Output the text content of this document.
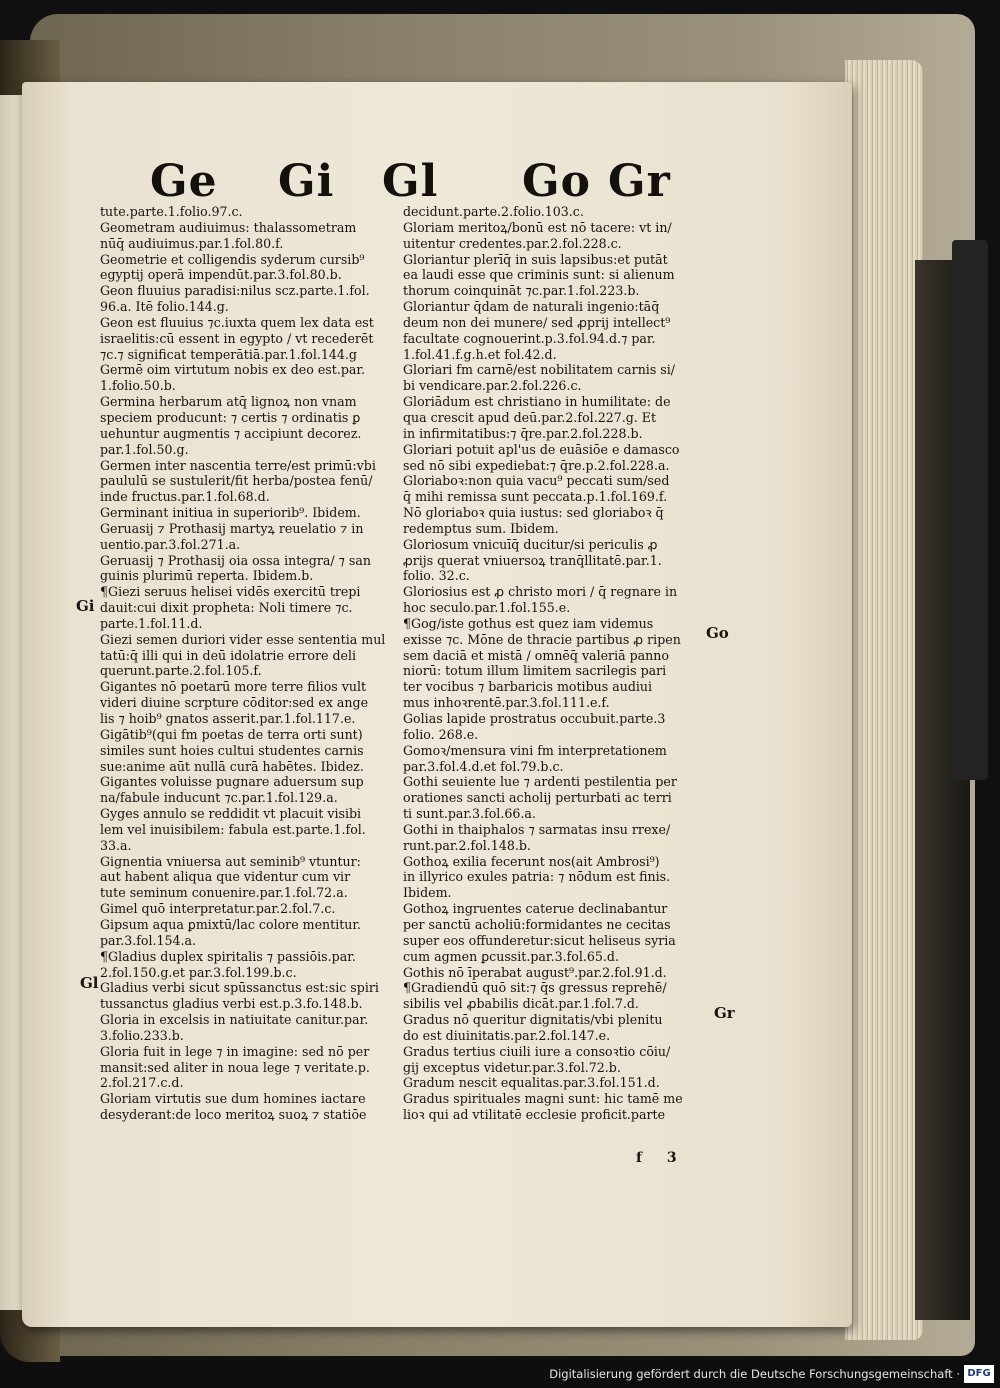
Ge Gi Gl Go Gr
tute.parte.1.folio.97.c.
Geometram audiuimus: thalassometram
nūq̄ audiuimus.par.1.fol.80.f.
Geometrie et colligendis syderum cursib⁹
egyptij operā impendūt.par.3.fol.80.b.
Geon fluuius paradisi:nilus scz.parte.1.fol.
96.a. Itē folio.144.g.
Geon est fluuius ⁊c.iuxta quem lex data est
israelitis:cū essent in egypto / vt recederēt
⁊c.⁊ significat temperātiā.par.1.fol.144.g
Germē oim virtutum nobis ex deo est.par.
1.folio.50.b.
Germina herbarum atq̄ lignoꝝ non vnam
speciem producunt: ⁊ certis ⁊ ordinatis ꝑ
uehuntur augmentis ⁊ accipiunt decorez.
par.1.fol.50.g.
Germen inter nascentia terre/est primū:vbi
paululū se sustulerit/fit herba/postea fenū/
inde fructus.par.1.fol.68.d.
Germinant initiua in superiorib⁹. Ibidem.
Geruasij ⁊ Prothasij martyꝝ reuelatio ⁊ in
uentio.par.3.fol.271.a.
Geruasij ⁊ Prothasij oia ossa integra/ ⁊ san
guinis plurimū reperta. Ibidem.b.
¶Giezi seruus helisei vidēs exercitū trepi
dauit:cui dixit propheta: Noli timere ⁊c.
parte.1.fol.11.d.
Giezi semen duriori vider esse sententia mul
tatū:q̄ illi qui in deū idolatrie errore deli
querunt.parte.2.fol.105.f.
Gigantes nō poetarū more terre filios vult
videri diuine scrpture cōditor:sed ex ange
lis ⁊ hoib⁹ gnatos asserit.par.1.fol.117.e.
Gigātib⁹(qui fm poetas de terra orti sunt)
similes sunt hoies cultui studentes carnis
sue:anime aūt nullā curā habētes. Ibidez.
Gigantes voluisse pugnare aduersum sup
na/fabule inducunt ⁊c.par.1.fol.129.a.
Gyges annulo se reddidit vt placuit visibi
lem vel inuisibilem: fabula est.parte.1.fol.
33.a.
Gignentia vniuersa aut seminib⁹ vtuntur:
aut habent aliqua que videntur cum vir
tute seminum conuenire.par.1.fol.72.a.
Gimel quō interpretatur.par.2.fol.7.c.
Gipsum aqua ꝑmixtū/lac colore mentitur.
par.3.fol.154.a.
¶Gladius duplex spiritalis ⁊ passiōis.par.
2.fol.150.g.et par.3.fol.199.b.c.
Gladius verbi sicut spūssanctus est:sic spiri
tussanctus gladius verbi est.p.3.fo.148.b.
Gloria in excelsis in natiuitate canitur.par.
3.folio.233.b.
Gloria fuit in lege ⁊ in imagine: sed nō per
mansit:sed aliter in noua lege ⁊ veritate.p.
2.fol.217.c.d.
Gloriam virtutis sue dum homines iactare
desyderant:de loco meritoꝝ suoꝝ ⁊ statiōe
decidunt.parte.2.folio.103.c.
Gloriam meritoꝝ/bonū est nō tacere: vt in/
uitentur credentes.par.2.fol.228.c.
Gloriantur plerīq̄ in suis lapsibus:et putāt
ea laudi esse que criminis sunt: si alienum
thorum coinquināt ⁊c.par.1.fol.223.b.
Gloriantur q̄dam de naturali ingenio:tāq̄
deum non dei munere/ sed ꝓprij intellect⁹
facultate cognouerint.p.3.fol.94.d.⁊ par.
1.fol.41.f.g.h.et fol.42.d.
Gloriari fm carnē/est nobilitatem carnis si/
bi vendicare.par.2.fol.226.c.
Gloriādum est christiano in humilitate: de
qua crescit apud deū.par.2.fol.227.g. Et
in infirmitatibus:⁊ q̄re.par.2.fol.228.b.
Gloriari potuit apl'us de euāsiōe e damasco
sed nō sibi expediebat:⁊ q̄re.p.2.fol.228.a.
Gloriaboꝛ:non quia vacu⁹ peccati sum/sed
q̄ mihi remissa sunt peccata.p.1.fol.169.f.
Nō gloriaboꝛ quia iustus: sed gloriaboꝛ q̄
redemptus sum. Ibidem.
Gloriosum vnicuīq̄ ducitur/si periculis ꝓ
ꝓrijs querat vniuersoꝝ tranq̄llitatē.par.1.
folio. 32.c.
Gloriosius est ꝓ christo mori / q̄ regnare in
hoc seculo.par.1.fol.155.e.
¶Gog/iste gothus est quez iam videmus
exisse ⁊c. Mōne de thracie partibus ꝓ ripen
sem daciā et mistā / omnēq̄ valeriā panno
niorū: totum illum limitem sacrilegis pari
ter vocibus ⁊ barbaricis motibus audiui
mus inhoꝛrentē.par.3.fol.111.e.f.
Golias lapide prostratus occubuit.parte.3
folio. 268.e.
Gomoꝛ/mensura vini fm interpretationem
par.3.fol.4.d.et fol.79.b.c.
Gothi seuiente lue ⁊ ardenti pestilentia per
orationes sancti acholij perturbati ac terri
ti sunt.par.3.fol.66.a.
Gothi in thaiphalos ⁊ sarmatas insu rrexe/
runt.par.2.fol.148.b.
Gothoꝝ exilia fecerunt nos(ait Ambrosi⁹)
in illyrico exules patria: ⁊ nōdum est finis.
Ibidem.
Gothoꝝ ingruentes caterue declinabantur
per sanctū acholiū:formidantes ne cecitas
super eos offunderetur:sicut heliseus syria
cum agmen ꝑcussit.par.3.fol.65.d.
Gothis nō īperabat august⁹.par.2.fol.91.d.
¶Gradiendū quō sit:⁊ q̄s gressus reprehē/
sibilis vel ꝓbabilis dicāt.par.1.fol.7.d.
Gradus nō queritur dignitatis/vbi plenitu
do est diuinitatis.par.2.fol.147.e.
Gradus tertius ciuili iure a consoꝛtio cōiu/
gij exceptus videtur.par.3.fol.72.b.
Gradum nescit equalitas.par.3.fol.151.d.
Gradus spirituales magni sunt: hic tamē me
lioꝛ qui ad vtilitatē ecclesie proficit.parte
Gi
Gl
Go
Gr
f 3
Digitalisierung gefördert durch die Deutsche Forschungsgemeinschaft · DFG
